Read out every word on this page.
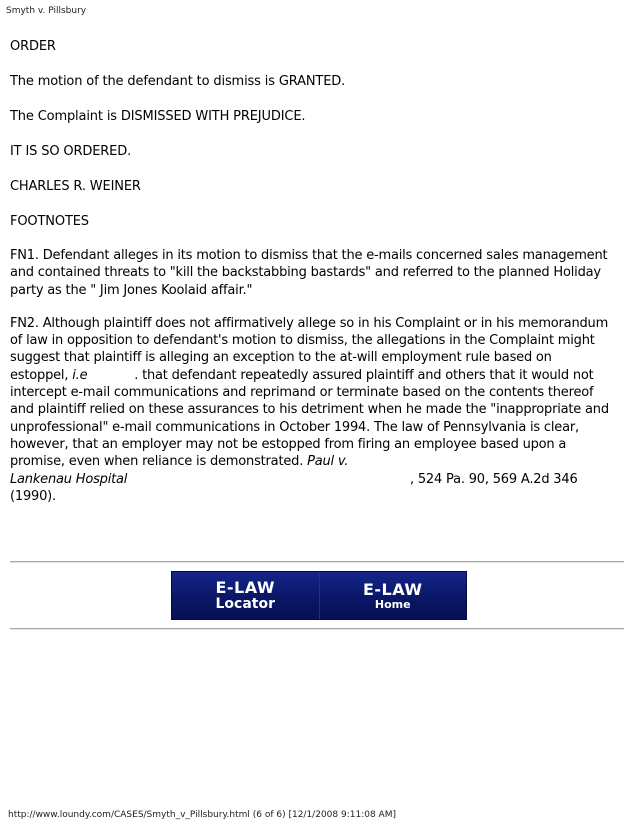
Smyth v. Pillsbury

ORDER

The motion of the defendant to dismiss is GRANTED.

The Complaint is DISMISSED WITH PREJUDICE.

IT IS SO ORDERED.

CHARLES R. WEINER

FOOTNOTES

FN1. Defendant alleges in its motion to dismiss that the e-mails concerned sales management

and contained threats to "kill the backstabbing bastards" and referred to the planned Holiday

party as the " Jim Jones Koolaid affair."

FN2. Although plaintiff does not affirmatively allege so in his Complaint or in his memorandum

of law in opposition to defendant's motion to dismiss, the allegations in the Complaint might

suggest that plaintiff is alleging an exception to the at-will employment rule based on

estoppel, i.e	. that defendant repeatedly assured plaintiff and others that it would not

intercept e-mail communications and reprimand or terminate based on the contents thereof

and plaintiff relied on these assurances to his detriment when he made the "inappropriate and

unprofessional" e-mail communications in October 1994. The law of Pennsylvania is clear,

however, that an employer may not be estopped from firing an employee based upon a

promise, even when reliance is demonstrated. Paul v.

Lankenau Hospital	, 524 Pa. 90, 569 A.2d 346

(1990).

E-LAW
Locator
E-LAW
Home
http://www.loundy.com/CASES/Smyth_v_Pillsbury.html (6 of 6) [12/1/2008 9:11:08 AM]
